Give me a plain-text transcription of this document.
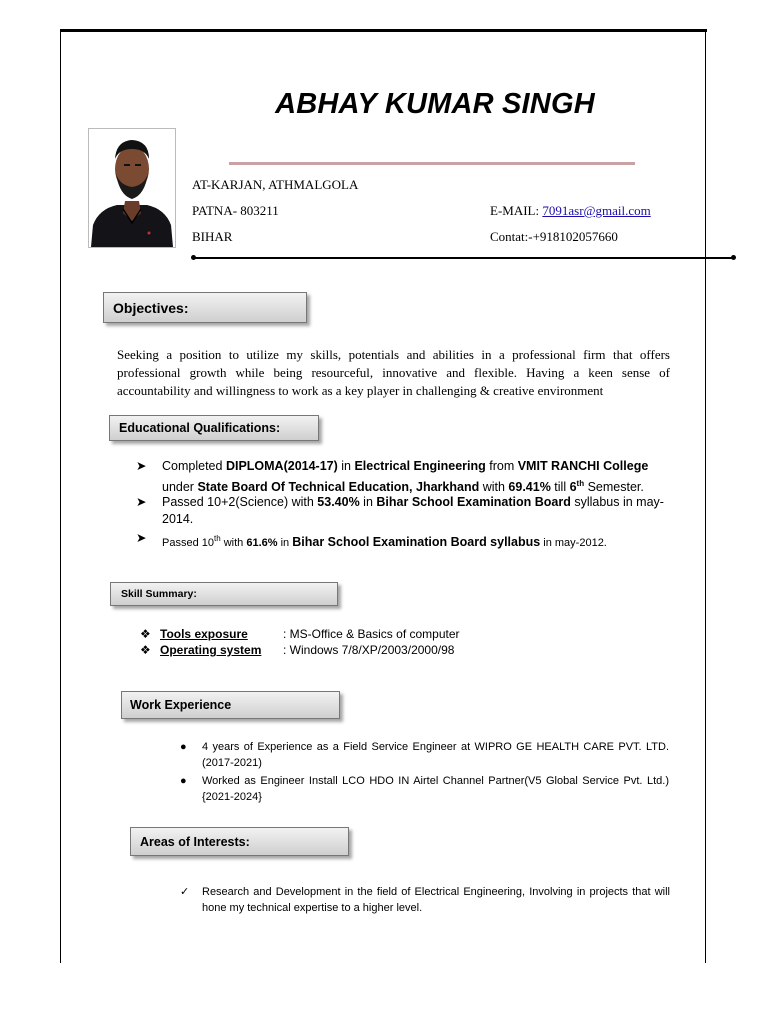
ABHAY KUMAR SINGH
AT-KARJAN, ATHMALGOLA
PATNA- 803211
BIHAR
E-MAIL: 7091asr@gmail.com
Contat:-+918102057660
Objectives:
Seeking a position to utilize my skills, potentials and abilities in a professional firm that offers professional growth while being resourceful, innovative and flexible. Having a keen sense of accountability and willingness to work as a key player in challenging & creative environment
Educational Qualifications:
➤	Completed DIPLOMA(2014-17) in Electrical Engineering from VMIT RANCHI College
under State Board Of Technical Education, Jharkhand with 69.41% till 6th Semester.
➤	Passed 10+2(Science) with 53.40% in Bihar School Examination Board syllabus in may-
2014.
➤	Passed 10th with 61.6% in Bihar School Examination Board syllabus in may-2012.
Skill Summary:
❖ Tools exposure	: MS-Office & Basics of computer
❖ Operating system : Windows 7/8/XP/2003/2000/98
Work Experience
●	4 years of Experience as a Field Service Engineer at WIPRO GE HEALTH CARE PVT. LTD. (2017-2021)
●	Worked as Engineer Install LCO HDO IN Airtel Channel Partner(V5 Global Service Pvt. Ltd.) {2021-2024}
Areas of Interests:
✓	Research and Development in the field of Electrical Engineering, Involving in projects that will hone my technical expertise to a higher level.
